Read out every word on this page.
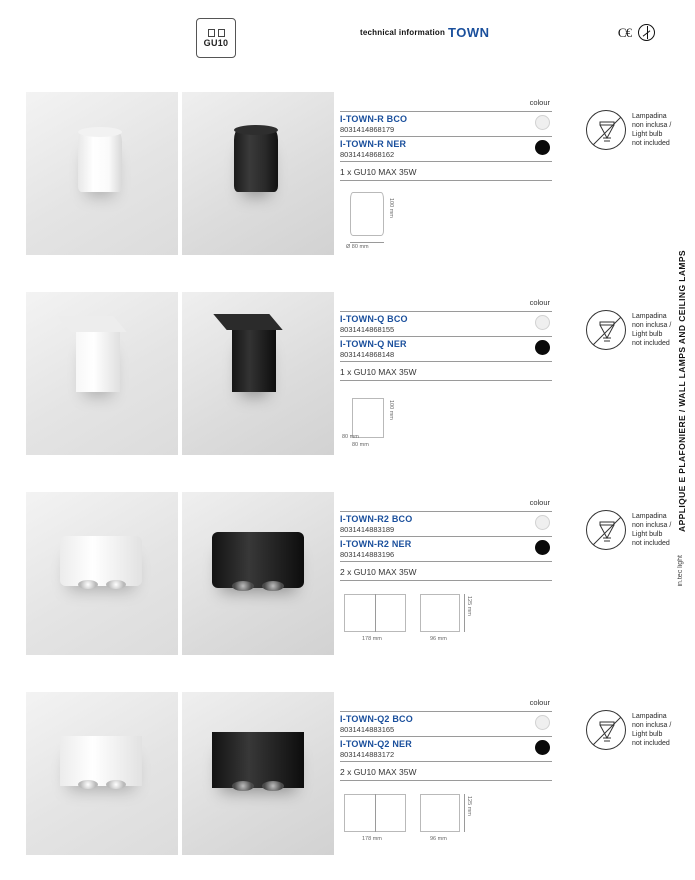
GU10
technical information TOWN	C€
APPLIQUE E PLAFONIERE / WALL LAMPS AND CEILING LAMPS
in.tec light
colour
I-TOWN-R BCO
8031414868179
I-TOWN-R NER
8031414868162
1 x GU10 MAX 35W
100 mm
Ø 80 mm
Lampadina
non inclusa /
Light bulb
not included
colour
I-TOWN-Q BCO
8031414868155
I-TOWN-Q NER
8031414868148
1 x GU10 MAX 35W
100 mm
80 mm
80 mm
Lampadina
non inclusa /
Light bulb
not included
colour
I-TOWN-R2 BCO
8031414883189
I-TOWN-R2 NER
8031414883196
2 x GU10 MAX 35W
125 mm
178 mm	96 mm
Lampadina
non inclusa /
Light bulb
not included
colour
I-TOWN-Q2 BCO
8031414883165
I-TOWN-Q2 NER
8031414883172
2 x GU10 MAX 35W
125 mm
178 mm	96 mm
Lampadina
non inclusa /
Light bulb
not included
